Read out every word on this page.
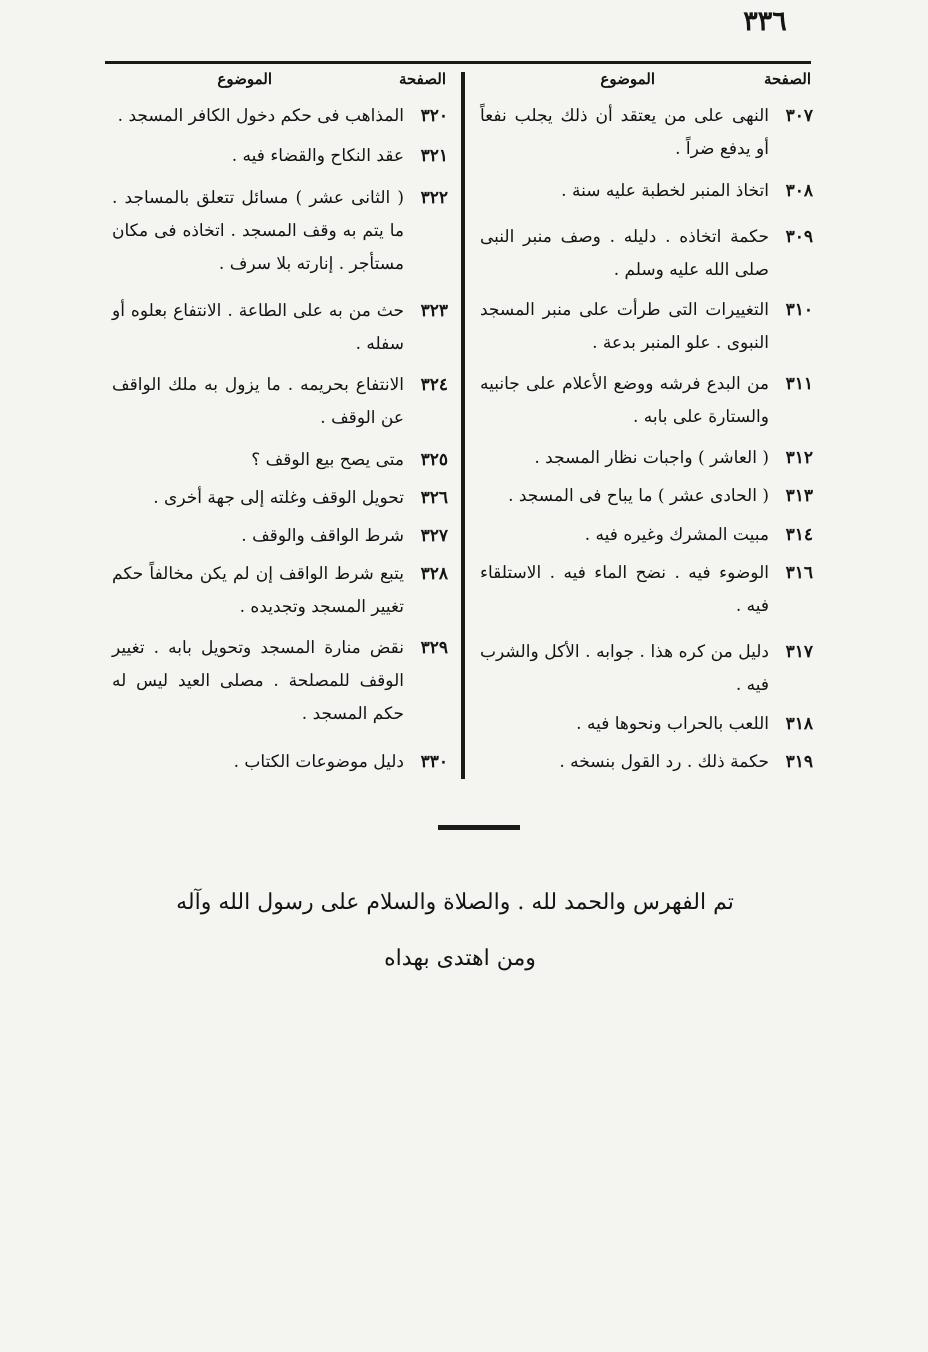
٣٣٦
الصفحة
الموضوع
٣٠٧
النهى على من يعتقد أن ذلك يجلب نفعاً أو يدفع ضراً .
٣٠٨
اتخاذ المنبر لخطبة عليه سنة .
٣٠٩
حكمة اتخاذه . دليله . وصف منبر النبى صلى الله عليه وسلم .
٣١٠
التغييرات التى طرأت على منبر المسجد النبوى . علو المنبر بدعة .
٣١١
من البدع فرشه ووضع الأعلام على جانبيه والستارة على بابه .
٣١٢
( العاشر ) واجبات نظار المسجد .
٣١٣
( الحادى عشر ) ما يباح فى المسجد .
٣١٤
مبيت المشرك وغيره فيه .
٣١٦
الوضوء فيه . نضح الماء فيه . الاستلقاء فيه .
٣١٧
دليل من كره هذا . جوابه . الأكل والشرب فيه .
٣١٨
اللعب بالحراب ونحوها فيه .
٣١٩
حكمة ذلك . رد القول بنسخه .
الصفحة
الموضوع
٣٢٠
المذاهب فى حكم دخول الكافر المسجد .
٣٢١
عقد النكاح والقضاء فيه .
٣٢٢
( الثانى عشر ) مسائل تتعلق بالمساجد . ما يتم به وقف المسجد . اتخاذه فى مكان مستأجر . إنارته بلا سرف .
٣٢٣
حث من به على الطاعة . الانتفاع بعلوه أو سفله .
٣٢٤
الانتفاع بحريمه . ما يزول به ملك الواقف عن الوقف .
٣٢٥
متى يصح بيع الوقف ؟
٣٢٦
تحويل الوقف وغلته إلى جهة أخرى .
٣٢٧
شرط الواقف والوقف .
٣٢٨
يتبع شرط الواقف إن لم يكن مخالفاً حكم تغيير المسجد وتجديده .
٣٢٩
نقض منارة المسجد وتحويل بابه . تغيير الوقف للمصلحة . مصلى العيد ليس له حكم المسجد .
٣٣٠
دليل موضوعات الكتاب .
تم الفهرس والحمد لله . والصلاة والسلام على رسول الله وآله
ومن اهتدى بهداه
